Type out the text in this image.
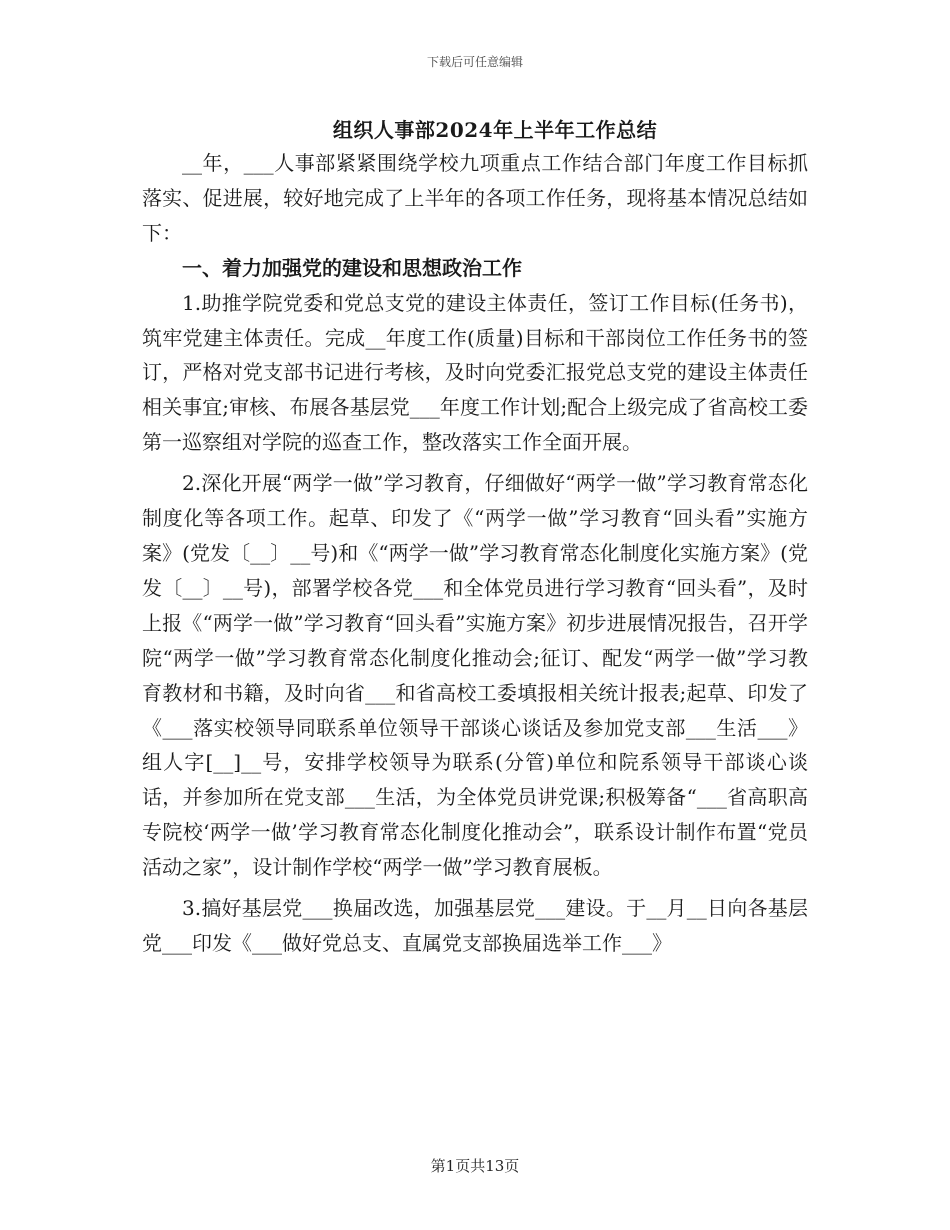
下载后可任意编辑
组织人事部2024年上半年工作总结

__年，___人事部紧紧围绕学校九项重点工作结合部门年度工作目标抓落实、促进展，较好地完成了上半年的各项工作任务，现将基本情况总结如下：

一、着力加强党的建设和思想政治工作

1.助推学院党委和党总支党的建设主体责任，签订工作目标(任务书)，筑牢党建主体责任。完成__年度工作(质量)目标和干部岗位工作任务书的签订，严格对党支部书记进行考核，及时向党委汇报党总支党的建设主体责任相关事宜;审核、布展各基层党___年度工作计划;配合上级完成了省高校工委第一巡察组对学院的巡查工作，整改落实工作全面开展。

2.深化开展“两学一做”学习教育，仔细做好“两学一做”学习教育常态化制度化等各项工作。起草、印发了《“两学一做”学习教育“回头看”实施方案》(党发〔__〕__号)和《“两学一做”学习教育常态化制度化实施方案》(党发〔__〕__号)，部署学校各党___和全体党员进行学习教育“回头看”，及时上报《“两学一做”学习教育“回头看”实施方案》初步进展情况报告，召开学院“两学一做”学习教育常态化制度化推动会;征订、配发“两学一做”学习教育教材和书籍，及时向省___和省高校工委填报相关统计报表;起草、印发了《___落实校领导同联系单位领导干部谈心谈话及参加党支部___生活___》组人字[__]__号，安排学校领导为联系(分管)单位和院系领导干部谈心谈话，并参加所在党支部___生活，为全体党员讲党课;积极筹备“___省高职高专院校‘两学一做’学习教育常态化制度化推动会”，联系设计制作布置“党员活动之家”，设计制作学校“两学一做”学习教育展板。

3.搞好基层党___换届改选，加强基层党___建设。于__月__日向各基层党___印发《___做好党总支、直属党支部换届选举工作___》

第1页共13页
